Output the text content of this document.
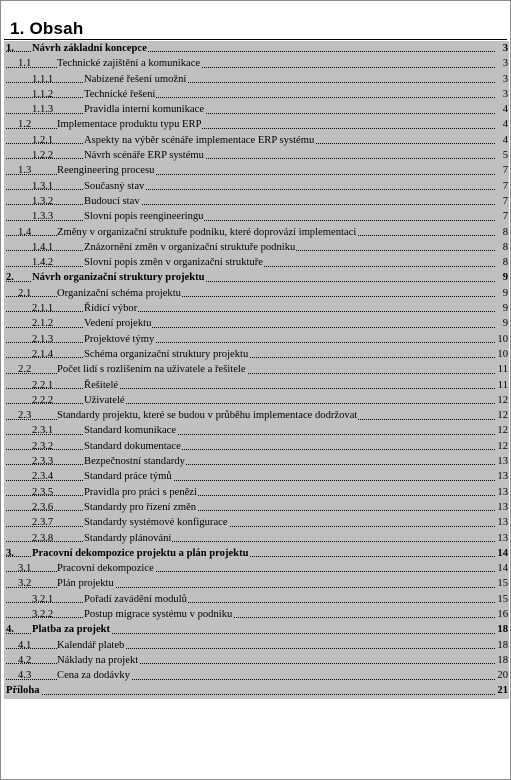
1. Obsah
1. Návrh základní koncepce	3
1.1 Technické zajištění a komunikace	3
1.1.1	Nabízené řešení umožní	3
1.1.2	Technické řešení	3
1.1.3	Pravidla interní komunikace	4
1.2 Implementace produktu typu ERP	4
1.2.1	Aspekty na výběr scénáře implementace ERP systému	4
1.2.2	Návrh scénáře ERP systému	5
1.3 Reengineering procesu	7
1.3.1	Současný stav	7
1.3.2	Budoucí stav	7
1.3.3	Slovní popis reengineeringu	7
1.4 Změny v organizační struktuře podniku, které doprovází implementaci	8
1.4.1	Znázornění změn v organizační struktuře podniku	8
1.4.2	Slovní popis změn v organizační struktuře	8
2. Návrh organizační struktury projektu	9
2.1 Organizační schéma projektu	9
2.1.1	Řídící výbor	9
2.1.2	Vedení projektu	9
2.1.3	Projektové týmy	10
2.1.4	Schéma organizační struktury projektu	10
2.2 Počet lidí s rozlišením na uživatele a řešitele	11
2.2.1	Řešitelé	11
2.2.2	Uživatelé	12
2.3 Standardy projektu, které se budou v průběhu implementace dodržovat	12
2.3.1	Standard komunikace	12
2.3.2	Standard dokumentace	12
2.3.3	Bezpečnostní standardy	13
2.3.4	Standard práce týmů	13
2.3.5	Pravidla pro práci s penězi	13
2.3.6	Standardy pro řízení změn	13
2.3.7	Standardy systémové konfigurace	13
2.3.8	Standardy plánování	13
3. Pracovní dekompozice projektu a plán projektu	14
3.1 Pracovní dekompozice	14
3.2 Plán projektu	15
3.2.1	Pořadí zavádění modulů	15
3.2.2	Postup migrace systému v podniku	16
4. Platba za projekt	18
4.1 Kalendář plateb	18
4.2 Náklady na projekt	18
4.3 Cena za dodávky	20
Příloha	21
